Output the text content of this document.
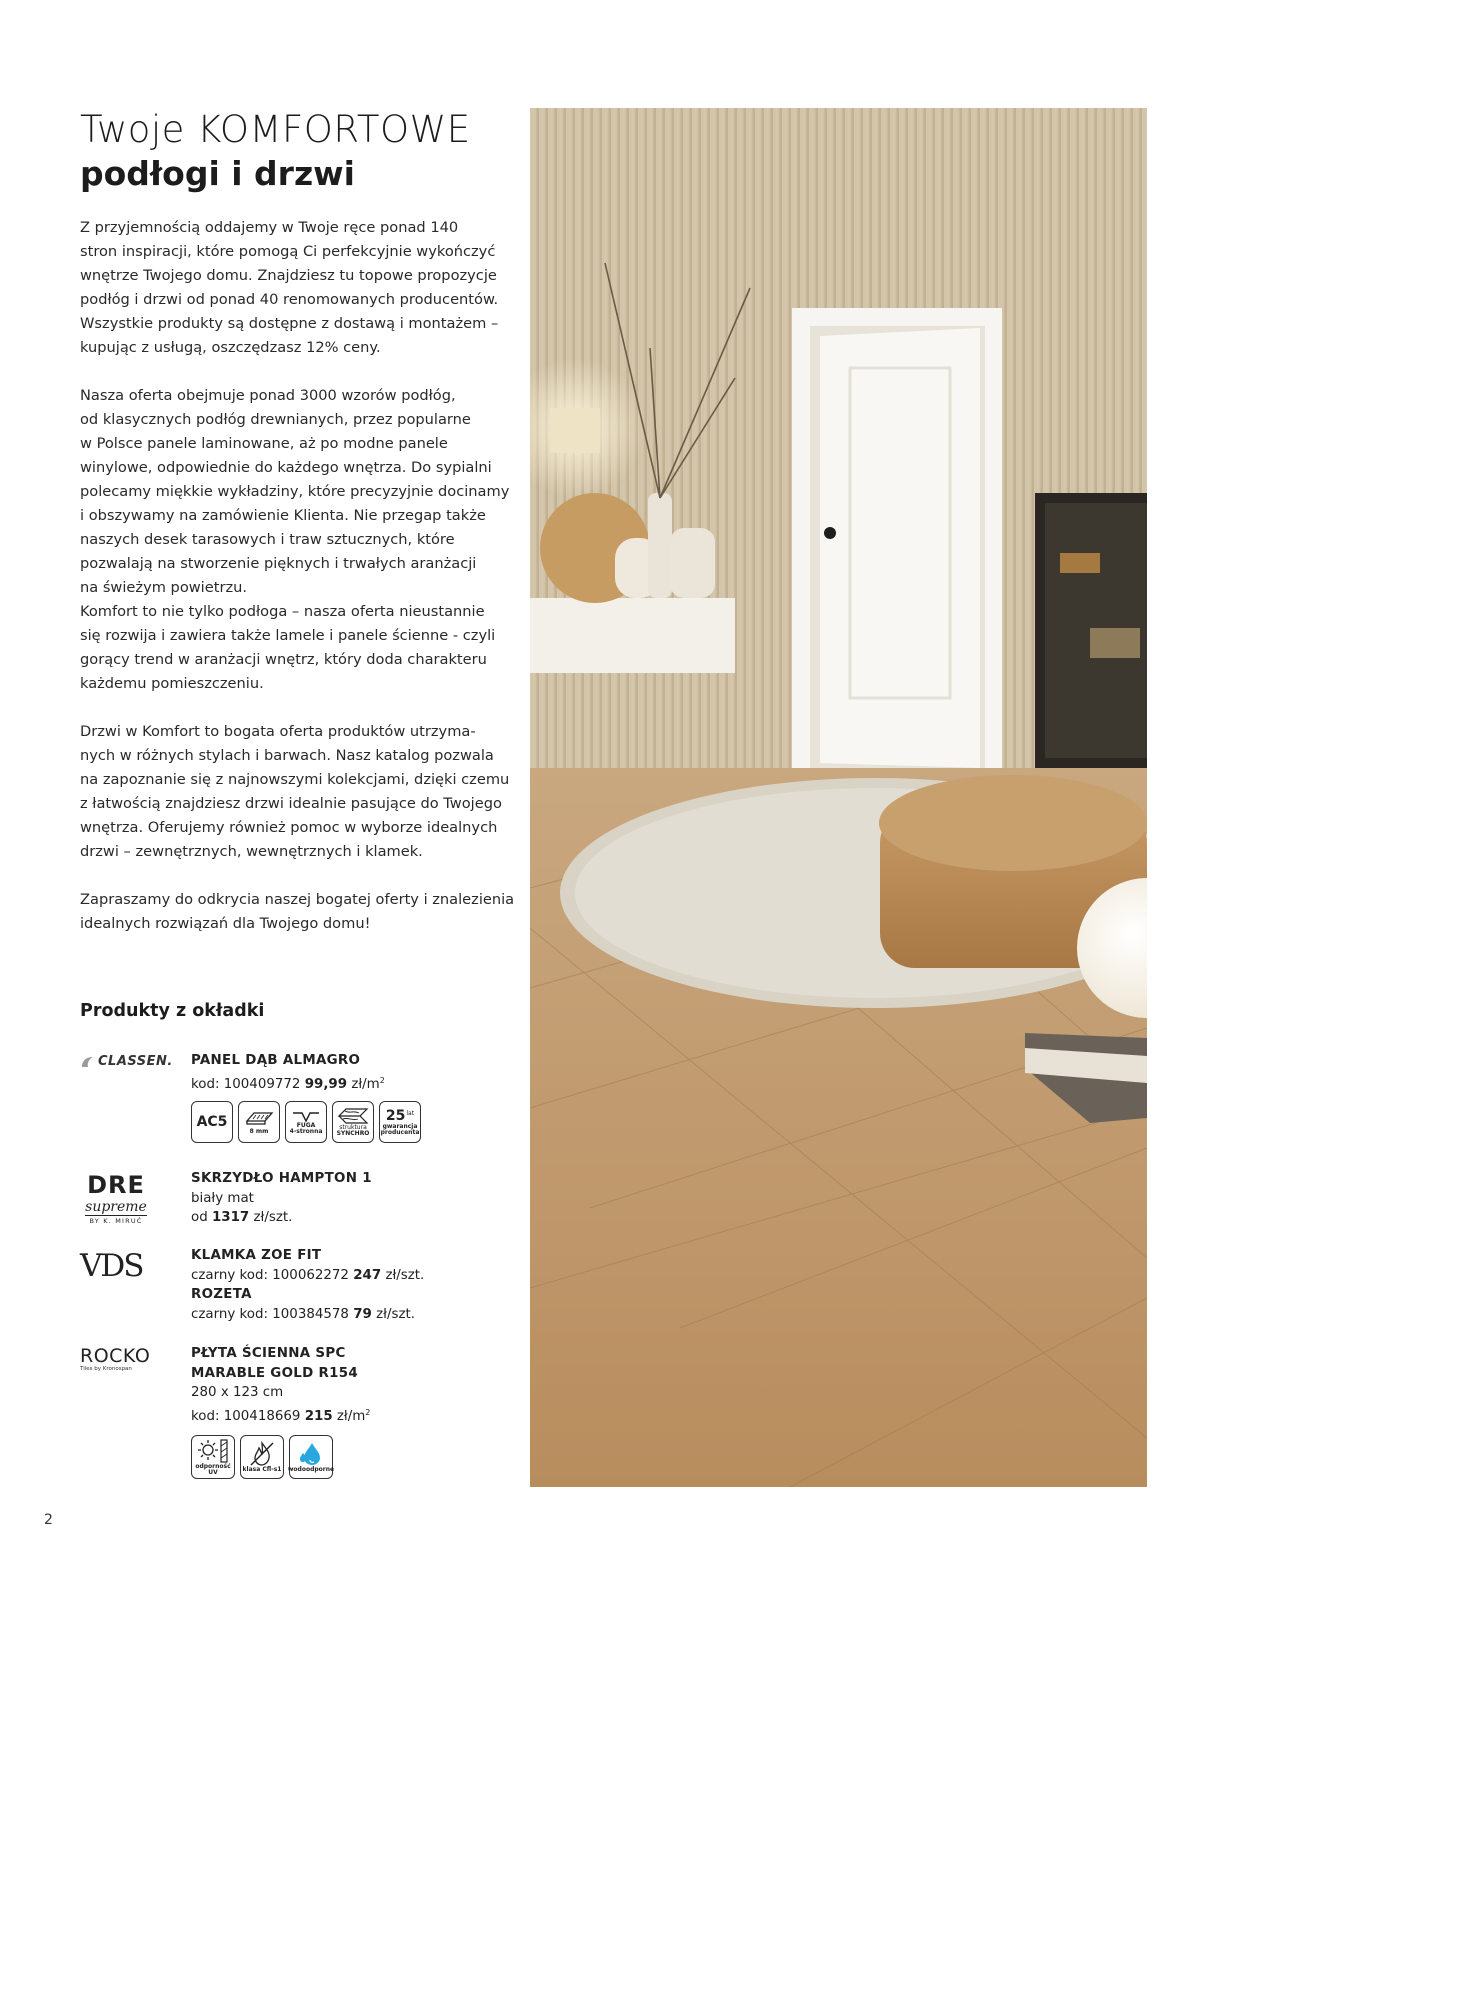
Twoje KOMFORTOWE
podłogi i drzwi

Z przyjemnością oddajemy w Twoje ręce ponad 140
stron inspiracji, które pomogą Ci perfekcyjnie wykończyć
wnętrze Twojego domu. Znajdziesz tu topowe propozycje
podłóg i drzwi od ponad 40 renomowanych producentów.
Wszystkie produkty są dostępne z dostawą i montażem –
kupując z usługą, oszczędzasz 12% ceny.

Nasza oferta obejmuje ponad 3000 wzorów podłóg,
od klasycznych podłóg drewnianych, przez popularne
w Polsce panele laminowane, aż po modne panele
winylowe, odpowiednie do każdego wnętrza. Do sypialni
polecamy miękkie wykładziny, które precyzyjnie docinamy
i obszywamy na zamówienie Klienta. Nie przegap także
naszych desek tarasowych i traw sztucznych, które
pozwalają na stworzenie pięknych i trwałych aranżacji
na świeżym powietrzu.
Komfort to nie tylko podłoga – nasza oferta nieustannie
się rozwija i zawiera także lamele i panele ścienne - czyli
gorący trend w aranżacji wnętrz, który doda charakteru
każdemu pomieszczeniu.

Drzwi w Komfort to bogata oferta produktów utrzyma-
nych w różnych stylach i barwach. Nasz katalog pozwala
na zapoznanie się z najnowszymi kolekcjami, dzięki czemu
z łatwością znajdziesz drzwi idealnie pasujące do Twojego
wnętrza. Oferujemy również pomoc w wyborze idealnych
drzwi – zewnętrznych, wewnętrznych i klamek.

Zapraszamy do odkrycia naszej bogatej oferty i znalezienia
idealnych rozwiązań dla Twojego domu!

Produkty z okładki
CLASSEN. PANEL DĄB ALMAGRO
kod: 100409772 99,99 $zł/m^2$
AC5
8 mm
FUGA
4-stronna
struktura
SYNCHRO
25 lat
gwarancja
producenta
DRE
supreme
BY K. MIRUĆ
SKRZYDŁO HAMPTON 1
biały mat
od 1317 zł/szt.
VDS	KLAMKA ZOE FIT
czarny kod: 100062272 247 zł/szt.
ROZETA
czarny kod: 100384578 79 zł/szt.
ROCKO
Tiles by Kronospan
PŁYTA ŚCIENNA SPC
MARABLE GOLD R154
280 x 123 cm
kod: 100418669 215 $zł/m^2$
odporność UV	klasa Cfl-s1 wodoodporne
2
